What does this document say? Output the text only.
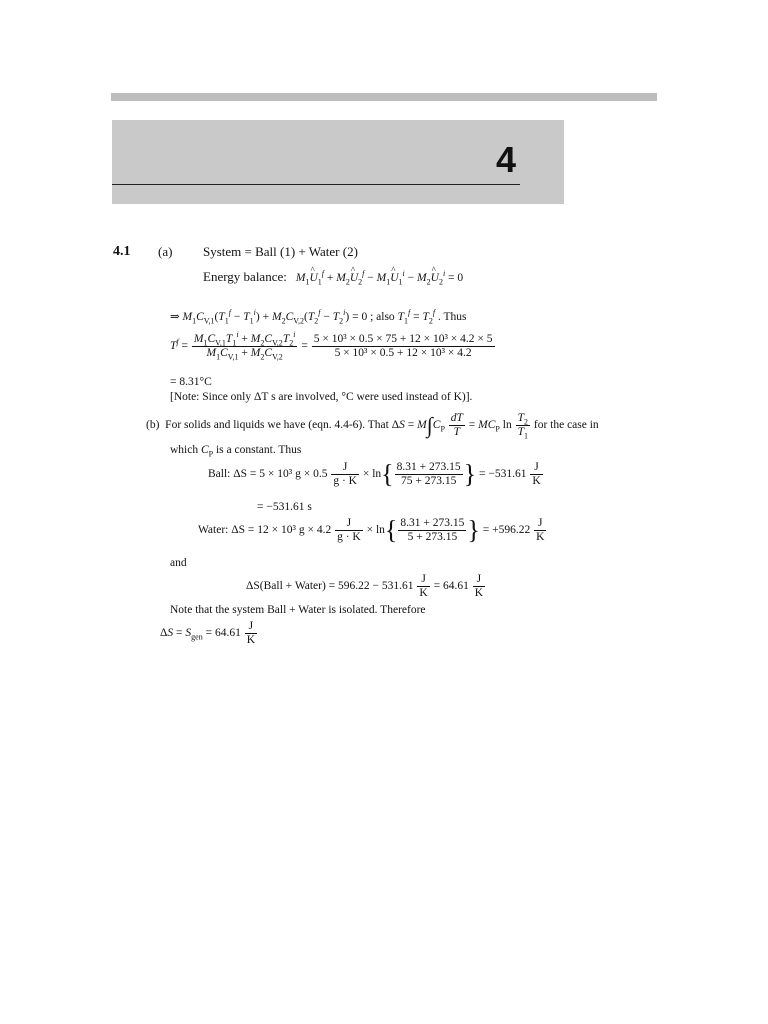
4
4.1 (a) System = Ball (1) + Water (2)
Energy balance: $M_1\^{}$ $U_1^f$ + $M_2\^{}$ $U_2^f$ − $M_1\^{}$ $U_1^i$ − $M_2\^{}$ $U_2^i = 0$
⇒ $M_1C_{V,1}(T_1^f - T_1^i) + M_2C_{V,2}(T_2^f - T_2^i) = 0$ ; also $T_1^f = T_2^f$ . Thus
$T^f = \frac{M_1C_{V,1}T_1^i + M_2C_{V,2}T_2^i}{M_1C_{V,1} + M_2C_{V,2}} = \frac{\text{5 × 10³ × 0.5 × 75 + 12 × 10³ × 4.2 × 5}}{\text{5 × 10³ × 0.5 + 12 × 10³ × 4.2}}$
= 8.31°C
[Note: Since only ΔT s are involved, °C were used instead of K)].
(b) For solids and liquids we have (eqn. 4.4-6). That $\Delta S = M\int C_P \frac{dT}{T} = MC_P$ $\ln \frac{T_2}{T_1}$ for the case in
which $C_P$ is a constant. Thus
Ball: ΔS = 5 × 10³ $g \times 0.5 \frac{J}{g \cdot K} \times \ln\{ \frac{8.31 + 273.15}{75 + 273.15}$ } = $-531.61 \frac{J}{K}$
= −531.61 s
Water: ΔS = 12 × 10³ $g \times 4.2 \frac{J}{g \cdot K} \times \ln\{ \frac{8.31 + 273.15}{5 + 273.15}$ } = $+596.22 \frac{J}{K}$
and
ΔS(Ball + Water) = $596.22 - 531.61 \frac{J}{K} = 64.61 \frac{J}{K}$
Note that the system Ball + Water is isolated. Therefore
$\Delta S = S_{gen} = 64.61 \frac{J}{K}$
